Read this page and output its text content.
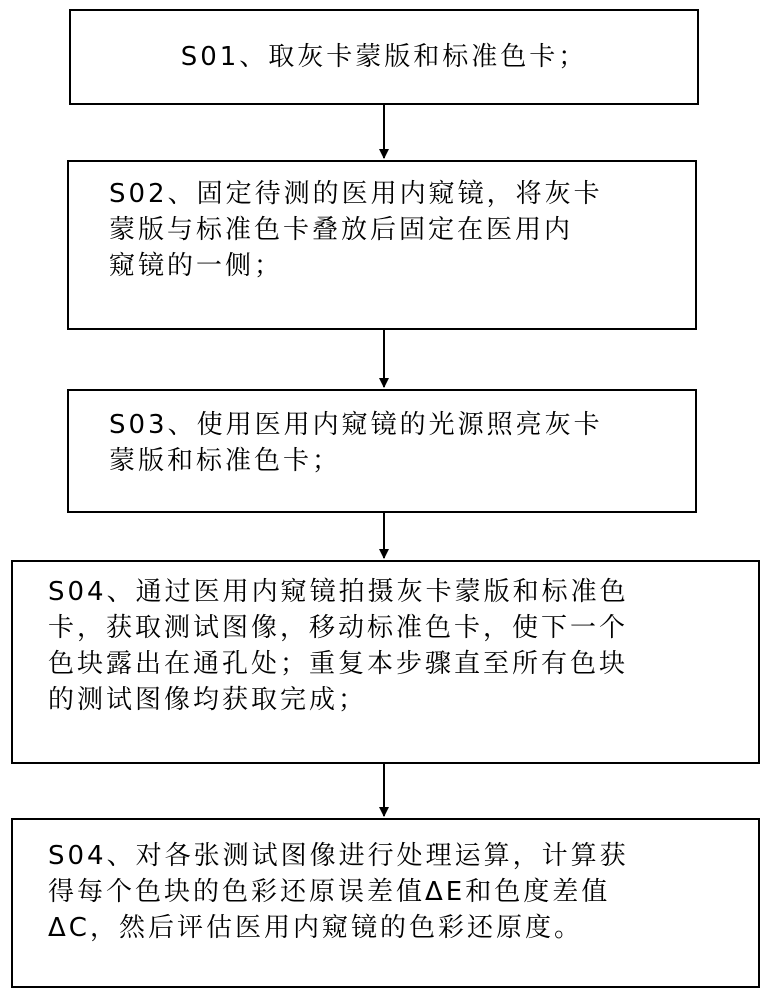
S01、取灰卡蒙版和标准色卡；
S02、固定待测的医用内窥镜，将灰卡
蒙版与标准色卡叠放后固定在医用内
窥镜的一侧；
S03、使用医用内窥镜的光源照亮灰卡
蒙版和标准色卡；
S04、通过医用内窥镜拍摄灰卡蒙版和标准色
卡，获取测试图像，移动标准色卡，使下一个
色块露出在通孔处；重复本步骤直至所有色块
的测试图像均获取完成；
S04、对各张测试图像进行处理运算，计算获
得每个色块的色彩还原误差值ΔE和色度差值
ΔC，然后评估医用内窥镜的色彩还原度。
